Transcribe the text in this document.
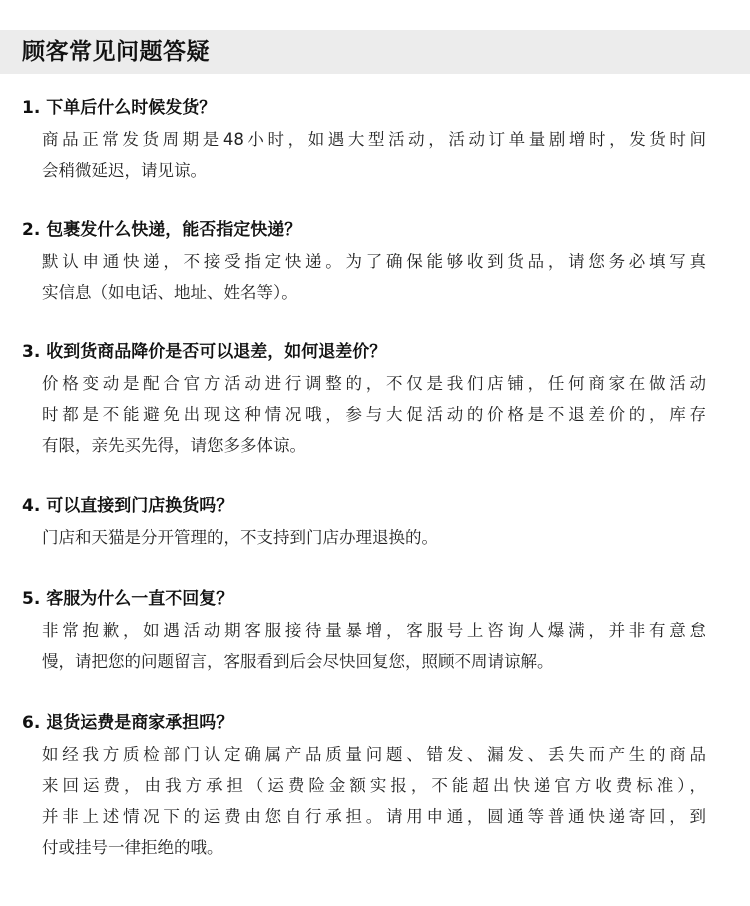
顾客常见问题答疑
1. 下单后什么时候发货？
商品正常发货周期是48小时，如遇大型活动，活动订单量剧增时，发货时间
会稍微延迟，请见谅。
2. 包裹发什么快递，能否指定快递？
默认申通快递，不接受指定快递。为了确保能够收到货品，请您务必填写真
实信息（如电话、地址、姓名等）。
3. 收到货商品降价是否可以退差，如何退差价？
价格变动是配合官方活动进行调整的，不仅是我们店铺，任何商家在做活动
时都是不能避免出现这种情况哦，参与大促活动的价格是不退差价的，库存
有限，亲先买先得，请您多多体谅。
4. 可以直接到门店换货吗？
门店和天猫是分开管理的，不支持到门店办理退换的。
5. 客服为什么一直不回复？
非常抱歉，如遇活动期客服接待量暴增，客服号上咨询人爆满，并非有意怠
慢，请把您的问题留言，客服看到后会尽快回复您，照顾不周请谅解。
6. 退货运费是商家承担吗？
如经我方质检部门认定确属产品质量问题、错发、漏发、丢失而产生的商品
来回运费，由我方承担（运费险金额实报，不能超出快递官方收费标准），
并非上述情况下的运费由您自行承担。请用申通，圆通等普通快递寄回，到
付或挂号一律拒绝的哦。
